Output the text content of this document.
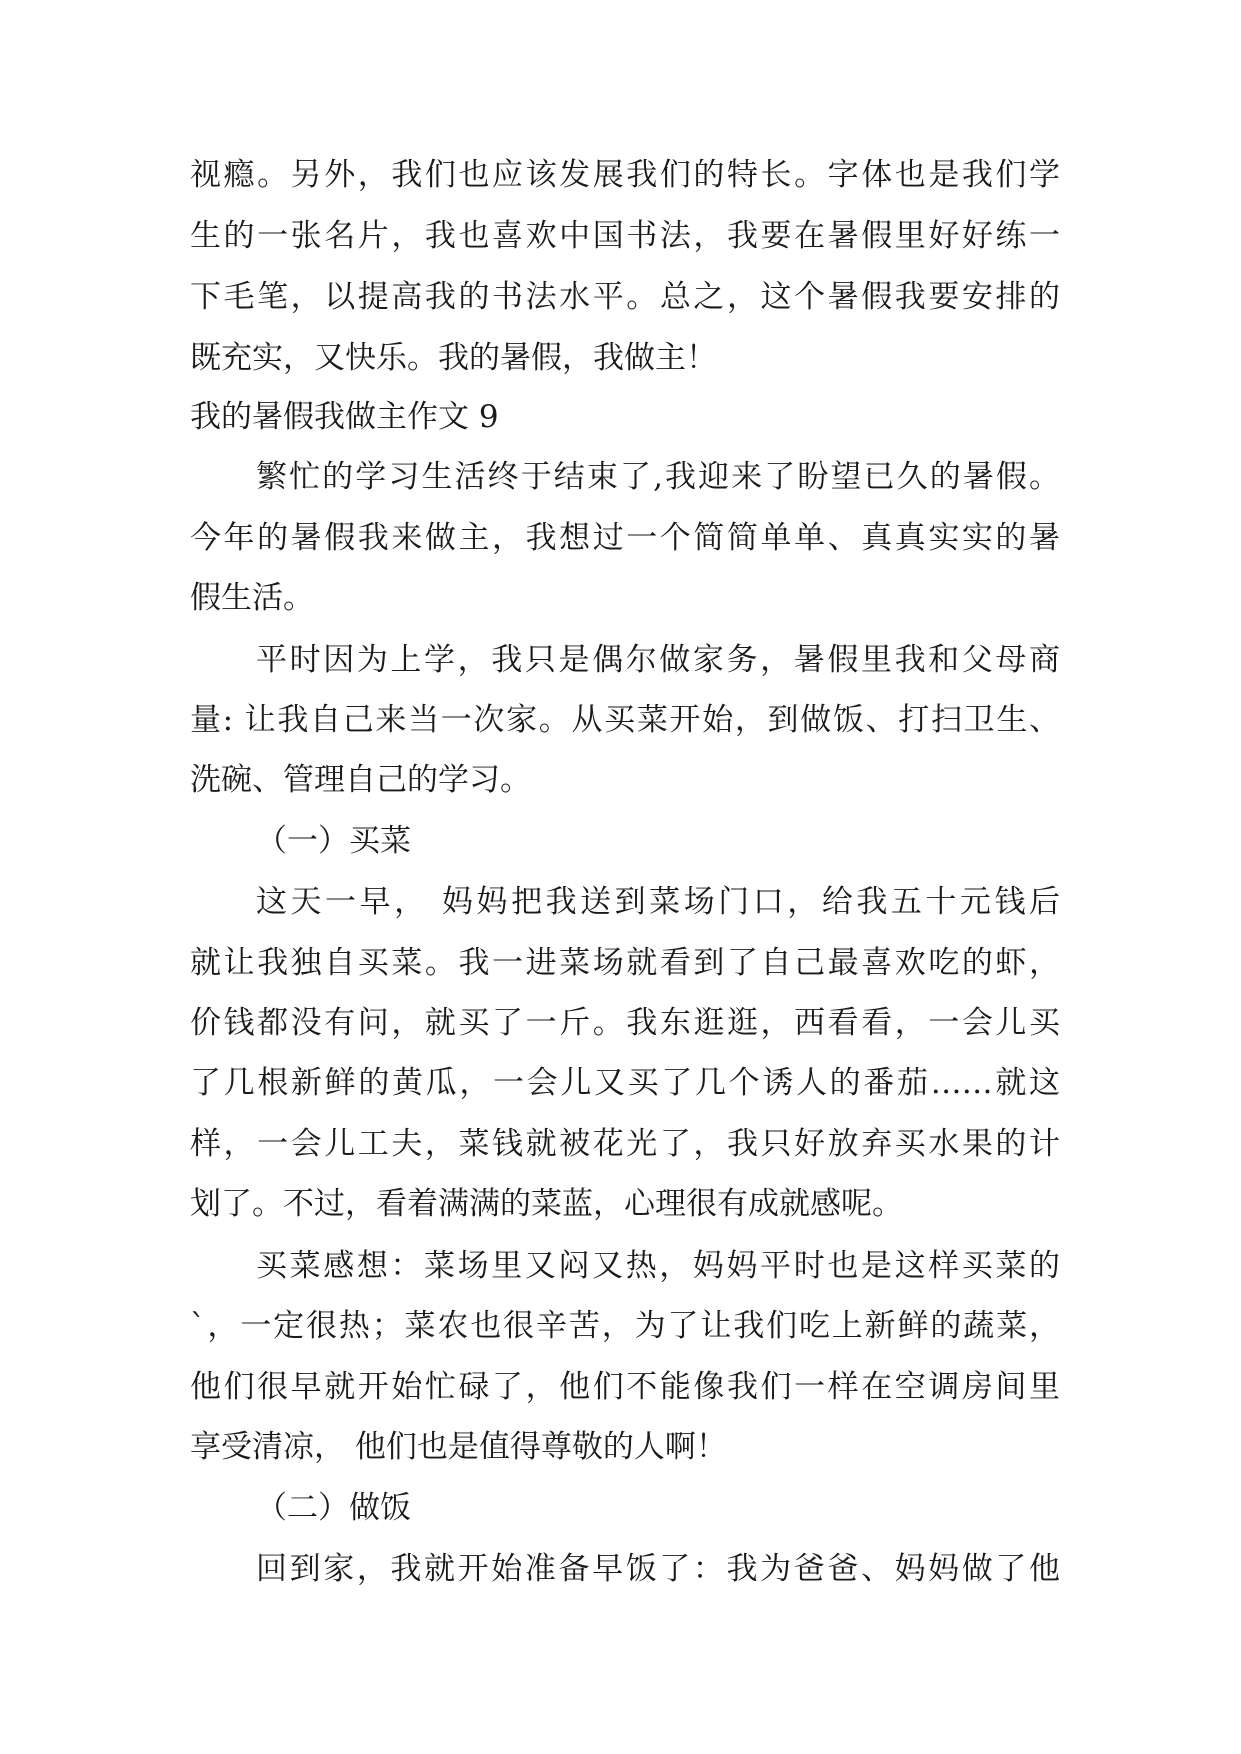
视瘾。另外，我们也应该发展我们的特长。字体也是我们学
生的一张名片，我也喜欢中国书法，我要在暑假里好好练一
下毛笔，以提高我的书法水平。总之，这个暑假我要安排的
既充实，又快乐。我的暑假，我做主！
我的暑假我做主作文 9
繁忙的学习生活终于结束了,我迎来了盼望已久的暑假。
今年的暑假我来做主，我想过一个简简单单、真真实实的暑
假生活。
平时因为上学，我只是偶尔做家务，暑假里我和父母商
量: 让我自己来当一次家。从买菜开始，到做饭、打扫卫生、
洗碗、管理自己的学习。
（一）买菜
这天一早， 妈妈把我送到菜场门口，给我五十元钱后
就让我独自买菜。我一进菜场就看到了自己最喜欢吃的虾，
价钱都没有问，就买了一斤。我东逛逛，西看看，一会儿买
了几根新鲜的黄瓜，一会儿又买了几个诱人的番茄……就这
样，一会儿工夫，菜钱就被花光了，我只好放弃买水果的计
划了。不过，看着满满的菜蓝，心理很有成就感呢。
买菜感想：菜场里又闷又热，妈妈平时也是这样买菜的
`，一定很热；菜农也很辛苦，为了让我们吃上新鲜的蔬菜，
他们很早就开始忙碌了，他们不能像我们一样在空调房间里
享受清凉， 他们也是值得尊敬的人啊！
（二）做饭
回到家，我就开始准备早饭了：我为爸爸、妈妈做了他
